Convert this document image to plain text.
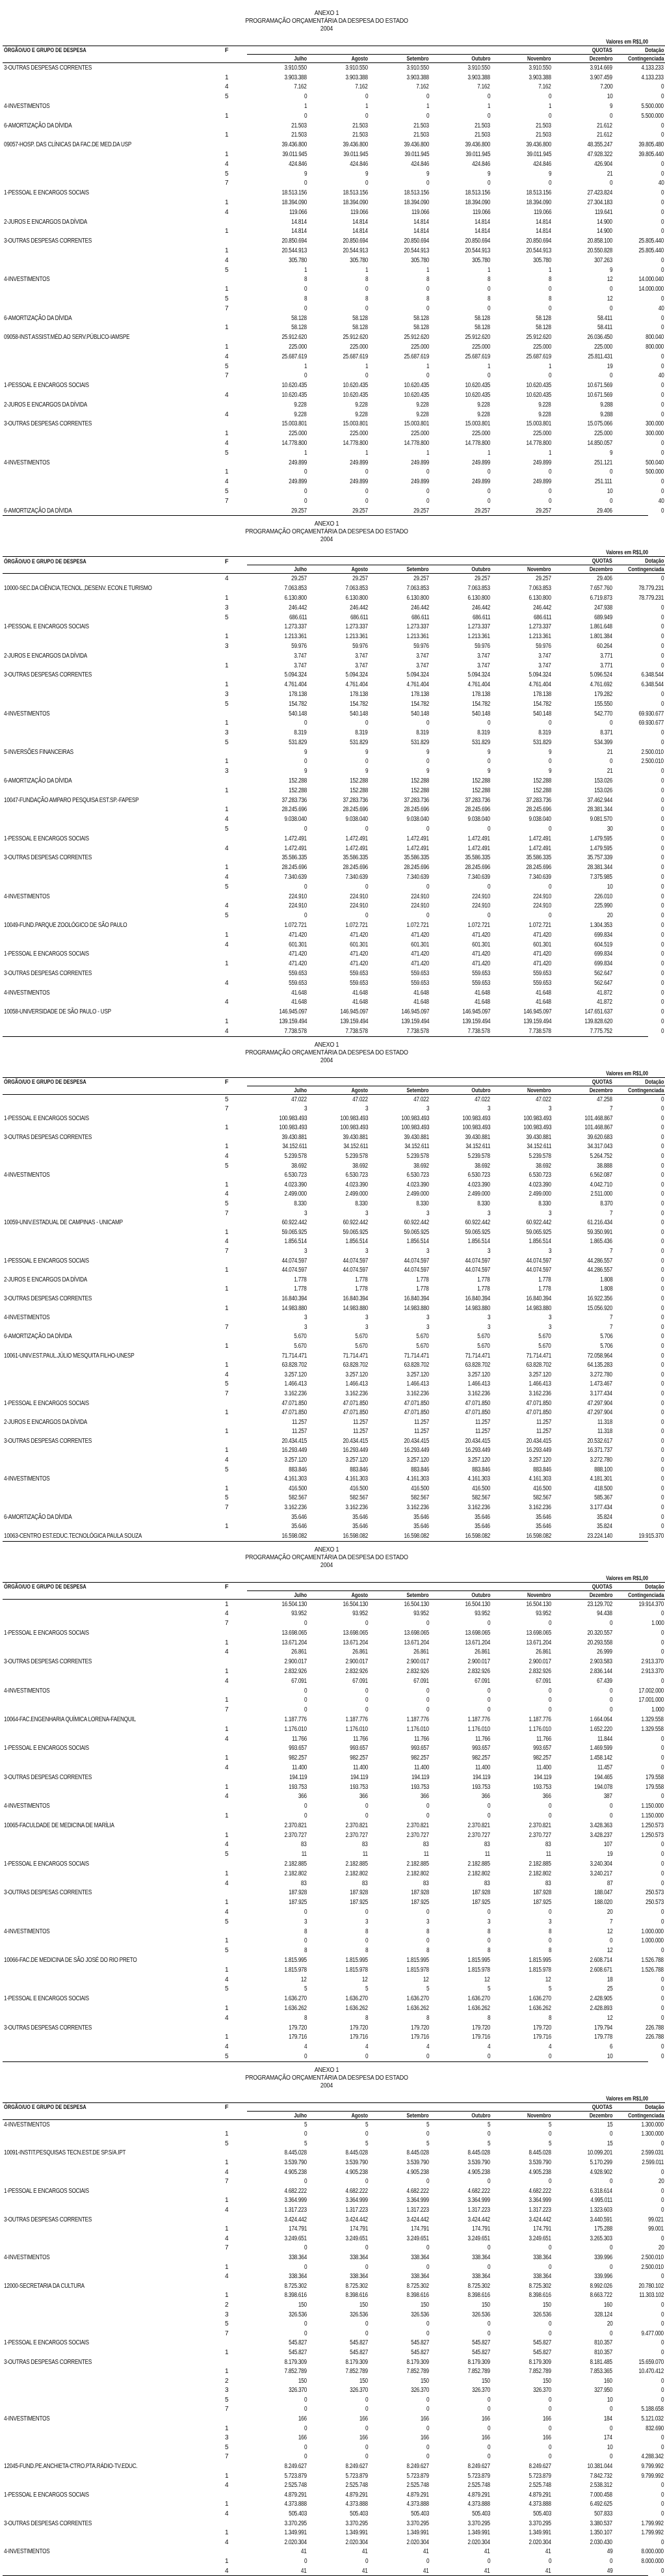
ANEXO 1
PROGRAMAÇÃO ORÇAMENTÁRIA DA DESPESA DO ESTADO
2004
Valores em R$1,00
ÓRGÃO/UO E GRUPO DE DESPESA	F	QUOTAS						Dotação
		Julho	Agosto	Setembro	Outubro	Novembro	Dezembro	Contingenciada
3-OUTRAS DESPESAS CORRENTES		3.910.550	3.910.550	3.910.550	3.910.550	3.910.550	3.914.669	4.133.233
	1	3.903.388	3.903.388	3.903.388	3.903.388	3.903.388	3.907.459	4.133.233
	4	7.162	7.162	7.162	7.162	7.162	7.200	0
	5	0	0	0	0	0	10	0
4-INVESTIMENTOS		1	1	1	1	1	9	5.500.000
	1	0	0	0	0	0	0	5.500.000
6-AMORTIZAÇÃO DA DÍVIDA		21.503	21.503	21.503	21.503	21.503	21.612	0
	1	21.503	21.503	21.503	21.503	21.503	21.612	0
09057-HOSP. DAS CLÍNICAS DA FAC.DE MED.DA USP		39.436.800	39.436.800	39.436.800	39.436.800	39.436.800	48.355.247	39.805.480
	1	39.011.945	39.011.945	39.011.945	39.011.945	39.011.945	47.928.322	39.805.440
	4	424.846	424.846	424.846	424.846	424.846	426.904	0
	5	9	9	9	9	9	21	0
	7	0	0	0	0	0	0	40
1-PESSOAL E ENCARGOS SOCIAIS		18.513.156	18.513.156	18.513.156	18.513.156	18.513.156	27.423.824	0
	1	18.394.090	18.394.090	18.394.090	18.394.090	18.394.090	27.304.183	0
	4	119.066	119.066	119.066	119.066	119.066	119.641	0
2-JUROS E ENCARGOS DA DÍVIDA		14.814	14.814	14.814	14.814	14.814	14.900	0
	1	14.814	14.814	14.814	14.814	14.814	14.900	0
3-OUTRAS DESPESAS CORRENTES		20.850.694	20.850.694	20.850.694	20.850.694	20.850.694	20.858.100	25.805.440
	1	20.544.913	20.544.913	20.544.913	20.544.913	20.544.913	20.550.828	25.805.440
	4	305.780	305.780	305.780	305.780	305.780	307.263	0
	5	1	1	1	1	1	9	0
4-INVESTIMENTOS		8	8	8	8	8	12	14.000.040
	1	0	0	0	0	0	0	14.000.000
	5	8	8	8	8	8	12	0
	7	0	0	0	0	0	0	40
6-AMORTIZAÇÃO DA DÍVIDA		58.128	58.128	58.128	58.128	58.128	58.411	0
	1	58.128	58.128	58.128	58.128	58.128	58.411	0
09058-INST.ASSIST.MÉD.AO SERV.PÚBLICO-IAMSPE		25.912.620	25.912.620	25.912.620	25.912.620	25.912.620	26.036.450	800.040
	1	225.000	225.000	225.000	225.000	225.000	225.000	800.000
	4	25.687.619	25.687.619	25.687.619	25.687.619	25.687.619	25.811.431	0
	5	1	1	1	1	1	19	0
	7	0	0	0	0	0	0	40
1-PESSOAL E ENCARGOS SOCIAIS		10.620.435	10.620.435	10.620.435	10.620.435	10.620.435	10.671.569	0
	4	10.620.435	10.620.435	10.620.435	10.620.435	10.620.435	10.671.569	0
2-JUROS E ENCARGOS DA DÍVIDA		9.228	9.228	9.228	9.228	9.228	9.288	0
	4	9.228	9.228	9.228	9.228	9.228	9.288	0
3-OUTRAS DESPESAS CORRENTES		15.003.801	15.003.801	15.003.801	15.003.801	15.003.801	15.075.066	300.000
	1	225.000	225.000	225.000	225.000	225.000	225.000	300.000
	4	14.778.800	14.778.800	14.778.800	14.778.800	14.778.800	14.850.057	0
	5	1	1	1	1	1	9	0
4-INVESTIMENTOS		249.899	249.899	249.899	249.899	249.899	251.121	500.040
	1	0	0	0	0	0	0	500.000
	4	249.899	249.899	249.899	249.899	249.899	251.111	0
	5	0	0	0	0	0	10	0
	7	0	0	0	0	0	0	40
6-AMORTIZAÇÃO DA DÍVIDA		29.257	29.257	29.257	29.257	29.257	29.406	0
ANEXO 1
PROGRAMAÇÃO ORÇAMENTÁRIA DA DESPESA DO ESTADO
2004
Valores em R$1,00
ÓRGÃO/UO E GRUPO DE DESPESA	F	QUOTAS						Dotação
		Julho	Agosto	Setembro	Outubro	Novembro	Dezembro	Contingenciada
	4	29.257	29.257	29.257	29.257	29.257	29.406	0
10000-SEC.DA CIÊNCIA,TECNOL.,DESENV. ECON.E TURISMO		7.063.853	7.063.853	7.063.853	7.063.853	7.063.853	7.657.760	78.779.231
	1	6.130.800	6.130.800	6.130.800	6.130.800	6.130.800	6.719.873	78.779.231
	3	246.442	246.442	246.442	246.442	246.442	247.938	0
	5	686.611	686.611	686.611	686.611	686.611	689.949	0
1-PESSOAL E ENCARGOS SOCIAIS		1.273.337	1.273.337	1.273.337	1.273.337	1.273.337	1.861.648	0
	1	1.213.361	1.213.361	1.213.361	1.213.361	1.213.361	1.801.384	0
	3	59.976	59.976	59.976	59.976	59.976	60.264	0
2-JUROS E ENCARGOS DA DÍVIDA		3.747	3.747	3.747	3.747	3.747	3.771	0
	1	3.747	3.747	3.747	3.747	3.747	3.771	0
3-OUTRAS DESPESAS CORRENTES		5.094.324	5.094.324	5.094.324	5.094.324	5.094.324	5.096.524	6.348.544
	1	4.761.404	4.761.404	4.761.404	4.761.404	4.761.404	4.761.692	6.348.544
	3	178.138	178.138	178.138	178.138	178.138	179.282	0
	5	154.782	154.782	154.782	154.782	154.782	155.550	0
4-INVESTIMENTOS		540.148	540.148	540.148	540.148	540.148	542.770	69.930.677
	1	0	0	0	0	0	0	69.930.677
	3	8.319	8.319	8.319	8.319	8.319	8.371	0
	5	531.829	531.829	531.829	531.829	531.829	534.399	0
5-INVERSÕES FINANCEIRAS		9	9	9	9	9	21	2.500.010
	1	0	0	0	0	0	0	2.500.010
	3	9	9	9	9	9	21	0
6-AMORTIZAÇÃO DA DÍVIDA		152.288	152.288	152.288	152.288	152.288	153.026	0
	1	152.288	152.288	152.288	152.288	152.288	153.026	0
10047-FUNDAÇÃO AMPARO PESQUISA EST.SP.-FAPESP		37.283.736	37.283.736	37.283.736	37.283.736	37.283.736	37.462.944	0
	1	28.245.696	28.245.696	28.245.696	28.245.696	28.245.696	28.381.344	0
	4	9.038.040	9.038.040	9.038.040	9.038.040	9.038.040	9.081.570	0
	5	0	0	0	0	0	30	0
1-PESSOAL E ENCARGOS SOCIAIS		1.472.491	1.472.491	1.472.491	1.472.491	1.472.491	1.479.595	0
	4	1.472.491	1.472.491	1.472.491	1.472.491	1.472.491	1.479.595	0
3-OUTRAS DESPESAS CORRENTES		35.586.335	35.586.335	35.586.335	35.586.335	35.586.335	35.757.339	0
	1	28.245.696	28.245.696	28.245.696	28.245.696	28.245.696	28.381.344	0
	4	7.340.639	7.340.639	7.340.639	7.340.639	7.340.639	7.375.985	0
	5	0	0	0	0	0	10	0
4-INVESTIMENTOS		224.910	224.910	224.910	224.910	224.910	226.010	0
	4	224.910	224.910	224.910	224.910	224.910	225.990	0
	5	0	0	0	0	0	20	0
10049-FUND.PARQUE ZOOLÓGICO DE SÃO PAULO		1.072.721	1.072.721	1.072.721	1.072.721	1.072.721	1.304.353	0
	1	471.420	471.420	471.420	471.420	471.420	699.834	0
	4	601.301	601.301	601.301	601.301	601.301	604.519	0
1-PESSOAL E ENCARGOS SOCIAIS		471.420	471.420	471.420	471.420	471.420	699.834	0
	1	471.420	471.420	471.420	471.420	471.420	699.834	0
3-OUTRAS DESPESAS CORRENTES		559.653	559.653	559.653	559.653	559.653	562.647	0
	4	559.653	559.653	559.653	559.653	559.653	562.647	0
4-INVESTIMENTOS		41.648	41.648	41.648	41.648	41.648	41.872	0
	4	41.648	41.648	41.648	41.648	41.648	41.872	0
10058-UNIVERSIDADE DE SÃO PAULO - USP		146.945.097	146.945.097	146.945.097	146.945.097	146.945.097	147.651.637	0
	1	139.159.494	139.159.494	139.159.494	139.159.494	139.159.494	139.828.620	0
	4	7.738.578	7.738.578	7.738.578	7.738.578	7.738.578	7.775.752	0
ANEXO 1
PROGRAMAÇÃO ORÇAMENTÁRIA DA DESPESA DO ESTADO
2004
Valores em R$1,00
ÓRGÃO/UO E GRUPO DE DESPESA	F	QUOTAS						Dotação
		Julho	Agosto	Setembro	Outubro	Novembro	Dezembro	Contingenciada
	5	47.022	47.022	47.022	47.022	47.022	47.258	0
	7	3	3	3	3	3	7	0
1-PESSOAL E ENCARGOS SOCIAIS		100.983.493	100.983.493	100.983.493	100.983.493	100.983.493	101.468.867	0
	1	100.983.493	100.983.493	100.983.493	100.983.493	100.983.493	101.468.867	0
3-OUTRAS DESPESAS CORRENTES		39.430.881	39.430.881	39.430.881	39.430.881	39.430.881	39.620.683	0
	1	34.152.611	34.152.611	34.152.611	34.152.611	34.152.611	34.317.043	0
	4	5.239.578	5.239.578	5.239.578	5.239.578	5.239.578	5.264.752	0
	5	38.692	38.692	38.692	38.692	38.692	38.888	0
4-INVESTIMENTOS		6.530.723	6.530.723	6.530.723	6.530.723	6.530.723	6.562.087	0
	1	4.023.390	4.023.390	4.023.390	4.023.390	4.023.390	4.042.710	0
	4	2.499.000	2.499.000	2.499.000	2.499.000	2.499.000	2.511.000	0
	5	8.330	8.330	8.330	8.330	8.330	8.370	0
	7	3	3	3	3	3	7	0
10059-UNIV.ESTADUAL DE CAMPINAS - UNICAMP		60.922.442	60.922.442	60.922.442	60.922.442	60.922.442	61.216.434	0
	1	59.065.925	59.065.925	59.065.925	59.065.925	59.065.925	59.350.991	0
	4	1.856.514	1.856.514	1.856.514	1.856.514	1.856.514	1.865.436	0
	7	3	3	3	3	3	7	0
1-PESSOAL E ENCARGOS SOCIAIS		44.074.597	44.074.597	44.074.597	44.074.597	44.074.597	44.286.557	0
	1	44.074.597	44.074.597	44.074.597	44.074.597	44.074.597	44.286.557	0
2-JUROS E ENCARGOS DA DÍVIDA		1.778	1.778	1.778	1.778	1.778	1.808	0
	1	1.778	1.778	1.778	1.778	1.778	1.808	0
3-OUTRAS DESPESAS CORRENTES		16.840.394	16.840.394	16.840.394	16.840.394	16.840.394	16.922.356	0
	1	14.983.880	14.983.880	14.983.880	14.983.880	14.983.880	15.056.920	0
4-INVESTIMENTOS		3	3	3	3	3	7	0
	7	3	3	3	3	3	7	0
6-AMORTIZAÇÃO DA DÍVIDA		5.670	5.670	5.670	5.670	5.670	5.706	0
	1	5.670	5.670	5.670	5.670	5.670	5.706	0
10061-UNIV.EST.PAUL.JÚLIO MESQUITA FILHO-UNESP		71.714.471	71.714.471	71.714.471	71.714.471	71.714.471	72.058.964	0
	1	63.828.702	63.828.702	63.828.702	63.828.702	63.828.702	64.135.283	0
	4	3.257.120	3.257.120	3.257.120	3.257.120	3.257.120	3.272.780	0
	5	1.466.413	1.466.413	1.466.413	1.466.413	1.466.413	1.473.467	0
	7	3.162.236	3.162.236	3.162.236	3.162.236	3.162.236	3.177.434	0
1-PESSOAL E ENCARGOS SOCIAIS		47.071.850	47.071.850	47.071.850	47.071.850	47.071.850	47.297.904	0
	1	47.071.850	47.071.850	47.071.850	47.071.850	47.071.850	47.297.904	0
2-JUROS E ENCARGOS DA DÍVIDA		11.257	11.257	11.257	11.257	11.257	11.318	0
	1	11.257	11.257	11.257	11.257	11.257	11.318	0
3-OUTRAS DESPESAS CORRENTES		20.434.415	20.434.415	20.434.415	20.434.415	20.434.415	20.532.617	0
	1	16.293.449	16.293.449	16.293.449	16.293.449	16.293.449	16.371.737	0
	4	3.257.120	3.257.120	3.257.120	3.257.120	3.257.120	3.272.780	0
	5	883.846	883.846	883.846	883.846	883.846	888.100	0
4-INVESTIMENTOS		4.161.303	4.161.303	4.161.303	4.161.303	4.161.303	4.181.301	0
	1	416.500	416.500	416.500	416.500	416.500	418.500	0
	5	582.567	582.567	582.567	582.567	582.567	585.367	0
	7	3.162.236	3.162.236	3.162.236	3.162.236	3.162.236	3.177.434	0
6-AMORTIZAÇÃO DA DÍVIDA		35.646	35.646	35.646	35.646	35.646	35.824	0
	1	35.646	35.646	35.646	35.646	35.646	35.824	0
10063-CENTRO EST.EDUC.TECNOLÓGICA PAULA SOUZA		16.598.082	16.598.082	16.598.082	16.598.082	16.598.082	23.224.140	19.915.370
ANEXO 1
PROGRAMAÇÃO ORÇAMENTÁRIA DA DESPESA DO ESTADO
2004
Valores em R$1,00
ÓRGÃO/UO E GRUPO DE DESPESA	F	QUOTAS						Dotação
		Julho	Agosto	Setembro	Outubro	Novembro	Dezembro	Contingenciada
	1	16.504.130	16.504.130	16.504.130	16.504.130	16.504.130	23.129.702	19.914.370
	4	93.952	93.952	93.952	93.952	93.952	94.438	0
	7	0	0	0	0	0	0	1.000
1-PESSOAL E ENCARGOS SOCIAIS		13.698.065	13.698.065	13.698.065	13.698.065	13.698.065	20.320.557	0
	1	13.671.204	13.671.204	13.671.204	13.671.204	13.671.204	20.293.558	0
	4	26.861	26.861	26.861	26.861	26.861	26.999	0
3-OUTRAS DESPESAS CORRENTES		2.900.017	2.900.017	2.900.017	2.900.017	2.900.017	2.903.583	2.913.370
	1	2.832.926	2.832.926	2.832.926	2.832.926	2.832.926	2.836.144	2.913.370
	4	67.091	67.091	67.091	67.091	67.091	67.439	0
4-INVESTIMENTOS		0	0	0	0	0	0	17.002.000
	1	0	0	0	0	0	0	17.001.000
	7	0	0	0	0	0	0	1.000
10064-FAC.ENGENHARIA QUÍMICA LORENA-FAENQUIL		1.187.776	1.187.776	1.187.776	1.187.776	1.187.776	1.664.064	1.329.558
	1	1.176.010	1.176.010	1.176.010	1.176.010	1.176.010	1.652.220	1.329.558
	4	11.766	11.766	11.766	11.766	11.766	11.844	0
1-PESSOAL E ENCARGOS SOCIAIS		993.657	993.657	993.657	993.657	993.657	1.469.599	0
	1	982.257	982.257	982.257	982.257	982.257	1.458.142	0
	4	11.400	11.400	11.400	11.400	11.400	11.457	0
3-OUTRAS DESPESAS CORRENTES		194.119	194.119	194.119	194.119	194.119	194.465	179.558
	1	193.753	193.753	193.753	193.753	193.753	194.078	179.558
	4	366	366	366	366	366	387	0
4-INVESTIMENTOS		0	0	0	0	0	0	1.150.000
	1	0	0	0	0	0	0	1.150.000
10065-FACULDADE DE MEDICINA DE MARÍLIA		2.370.821	2.370.821	2.370.821	2.370.821	2.370.821	3.428.363	1.250.573
	1	2.370.727	2.370.727	2.370.727	2.370.727	2.370.727	3.428.237	1.250.573
	4	83	83	83	83	83	107	0
	5	11	11	11	11	11	19	0
1-PESSOAL E ENCARGOS SOCIAIS		2.182.885	2.182.885	2.182.885	2.182.885	2.182.885	3.240.304	0
	1	2.182.802	2.182.802	2.182.802	2.182.802	2.182.802	3.240.217	0
	4	83	83	83	83	83	87	0
3-OUTRAS DESPESAS CORRENTES		187.928	187.928	187.928	187.928	187.928	188.047	250.573
	1	187.925	187.925	187.925	187.925	187.925	188.020	250.573
	4	0	0	0	0	0	20	0
	5	3	3	3	3	3	7	0
4-INVESTIMENTOS		8	8	8	8	8	12	1.000.000
	1	0	0	0	0	0	0	1.000.000
	5	8	8	8	8	8	12	0
10066-FAC.DE MEDICINA DE SÃO JOSÉ DO RIO PRETO		1.815.995	1.815.995	1.815.995	1.815.995	1.815.995	2.608.714	1.526.788
	1	1.815.978	1.815.978	1.815.978	1.815.978	1.815.978	2.608.671	1.526.788
	4	12	12	12	12	12	18	0
	5	5	5	5	5	5	25	0
1-PESSOAL E ENCARGOS SOCIAIS		1.636.270	1.636.270	1.636.270	1.636.270	1.636.270	2.428.905	0
	1	1.636.262	1.636.262	1.636.262	1.636.262	1.636.262	2.428.893	0
	4	8	8	8	8	8	12	0
3-OUTRAS DESPESAS CORRENTES		179.720	179.720	179.720	179.720	179.720	179.794	226.788
	1	179.716	179.716	179.716	179.716	179.716	179.778	226.788
	4	4	4	4	4	4	6	0
	5	0	0	0	0	0	10	0
ANEXO 1
PROGRAMAÇÃO ORÇAMENTÁRIA DA DESPESA DO ESTADO
2004
Valores em R$1,00
ÓRGÃO/UO E GRUPO DE DESPESA	F	QUOTAS						Dotação
		Julho	Agosto	Setembro	Outubro	Novembro	Dezembro	Contingenciada
4-INVESTIMENTOS		5	5	5	5	5	15	1.300.000
	1	0	0	0	0	0	0	1.300.000
	5	5	5	5	5	5	15	0
10091-INSTIT.PESQUISAS TECN.EST.DE SP.S/A.IPT		8.445.028	8.445.028	8.445.028	8.445.028	8.445.028	10.099.201	2.599.031
	1	3.539.790	3.539.790	3.539.790	3.539.790	3.539.790	5.170.299	2.599.011
	4	4.905.238	4.905.238	4.905.238	4.905.238	4.905.238	4.928.902	0
	7	0	0	0	0	0	0	20
1-PESSOAL E ENCARGOS SOCIAIS		4.682.222	4.682.222	4.682.222	4.682.222	4.682.222	6.318.614	0
	1	3.364.999	3.364.999	3.364.999	3.364.999	3.364.999	4.995.011	0
	4	1.317.223	1.317.223	1.317.223	1.317.223	1.317.223	1.323.603	0
3-OUTRAS DESPESAS CORRENTES		3.424.442	3.424.442	3.424.442	3.424.442	3.424.442	3.440.591	99.021
	1	174.791	174.791	174.791	174.791	174.791	175.288	99.001
	4	3.249.651	3.249.651	3.249.651	3.249.651	3.249.651	3.265.303	0
	7	0	0	0	0	0	0	20
4-INVESTIMENTOS		338.364	338.364	338.364	338.364	338.364	339.996	2.500.010
	1	0	0	0	0	0	0	2.500.010
	4	338.364	338.364	338.364	338.364	338.364	339.996	0
12000-SECRETARIA DA CULTURA		8.725.302	8.725.302	8.725.302	8.725.302	8.725.302	8.992.026	20.780.102
	1	8.398.616	8.398.616	8.398.616	8.398.616	8.398.616	8.663.722	11.303.102
	2	150	150	150	150	150	160	0
	3	326.536	326.536	326.536	326.536	326.536	328.124	0
	5	0	0	0	0	0	20	0
	7	0	0	0	0	0	0	9.477.000
1-PESSOAL E ENCARGOS SOCIAIS		545.827	545.827	545.827	545.827	545.827	810.357	0
	1	545.827	545.827	545.827	545.827	545.827	810.357	0
3-OUTRAS DESPESAS CORRENTES		8.179.309	8.179.309	8.179.309	8.179.309	8.179.309	8.181.485	15.659.070
	1	7.852.789	7.852.789	7.852.789	7.852.789	7.852.789	7.853.365	10.470.412
	2	150	150	150	150	150	160	0
	3	326.370	326.370	326.370	326.370	326.370	327.950	0
	5	0	0	0	0	0	10	0
	7	0	0	0	0	0	0	5.188.658
4-INVESTIMENTOS		166	166	166	166	166	184	5.121.032
	1	0	0	0	0	0	0	832.690
	3	166	166	166	166	166	174	0
	5	0	0	0	0	0	10	0
	7	0	0	0	0	0	0	4.288.342
12045-FUND.PE.ANCHIETA-CTRO.PTA.RÁDIO-TV.EDUC.		8.249.627	8.249.627	8.249.627	8.249.627	8.249.627	10.381.044	9.799.992
	1	5.723.879	5.723.879	5.723.879	5.723.879	5.723.879	7.842.732	9.799.992
	4	2.525.748	2.525.748	2.525.748	2.525.748	2.525.748	2.538.312	0
1-PESSOAL E ENCARGOS SOCIAIS		4.879.291	4.879.291	4.879.291	4.879.291	4.879.291	7.000.458	0
	1	4.373.888	4.373.888	4.373.888	4.373.888	4.373.888	6.492.625	0
	4	505.403	505.403	505.403	505.403	505.403	507.833	0
3-OUTRAS DESPESAS CORRENTES		3.370.295	3.370.295	3.370.295	3.370.295	3.370.295	3.380.537	1.799.992
	1	1.349.991	1.349.991	1.349.991	1.349.991	1.349.991	1.350.107	1.799.992
	4	2.020.304	2.020.304	2.020.304	2.020.304	2.020.304	2.030.430	0
4-INVESTIMENTOS		41	41	41	41	41	49	8.000.000
	1	0	0	0	0	0	0	8.000.000
	4	41	41	41	41	41	49	0
